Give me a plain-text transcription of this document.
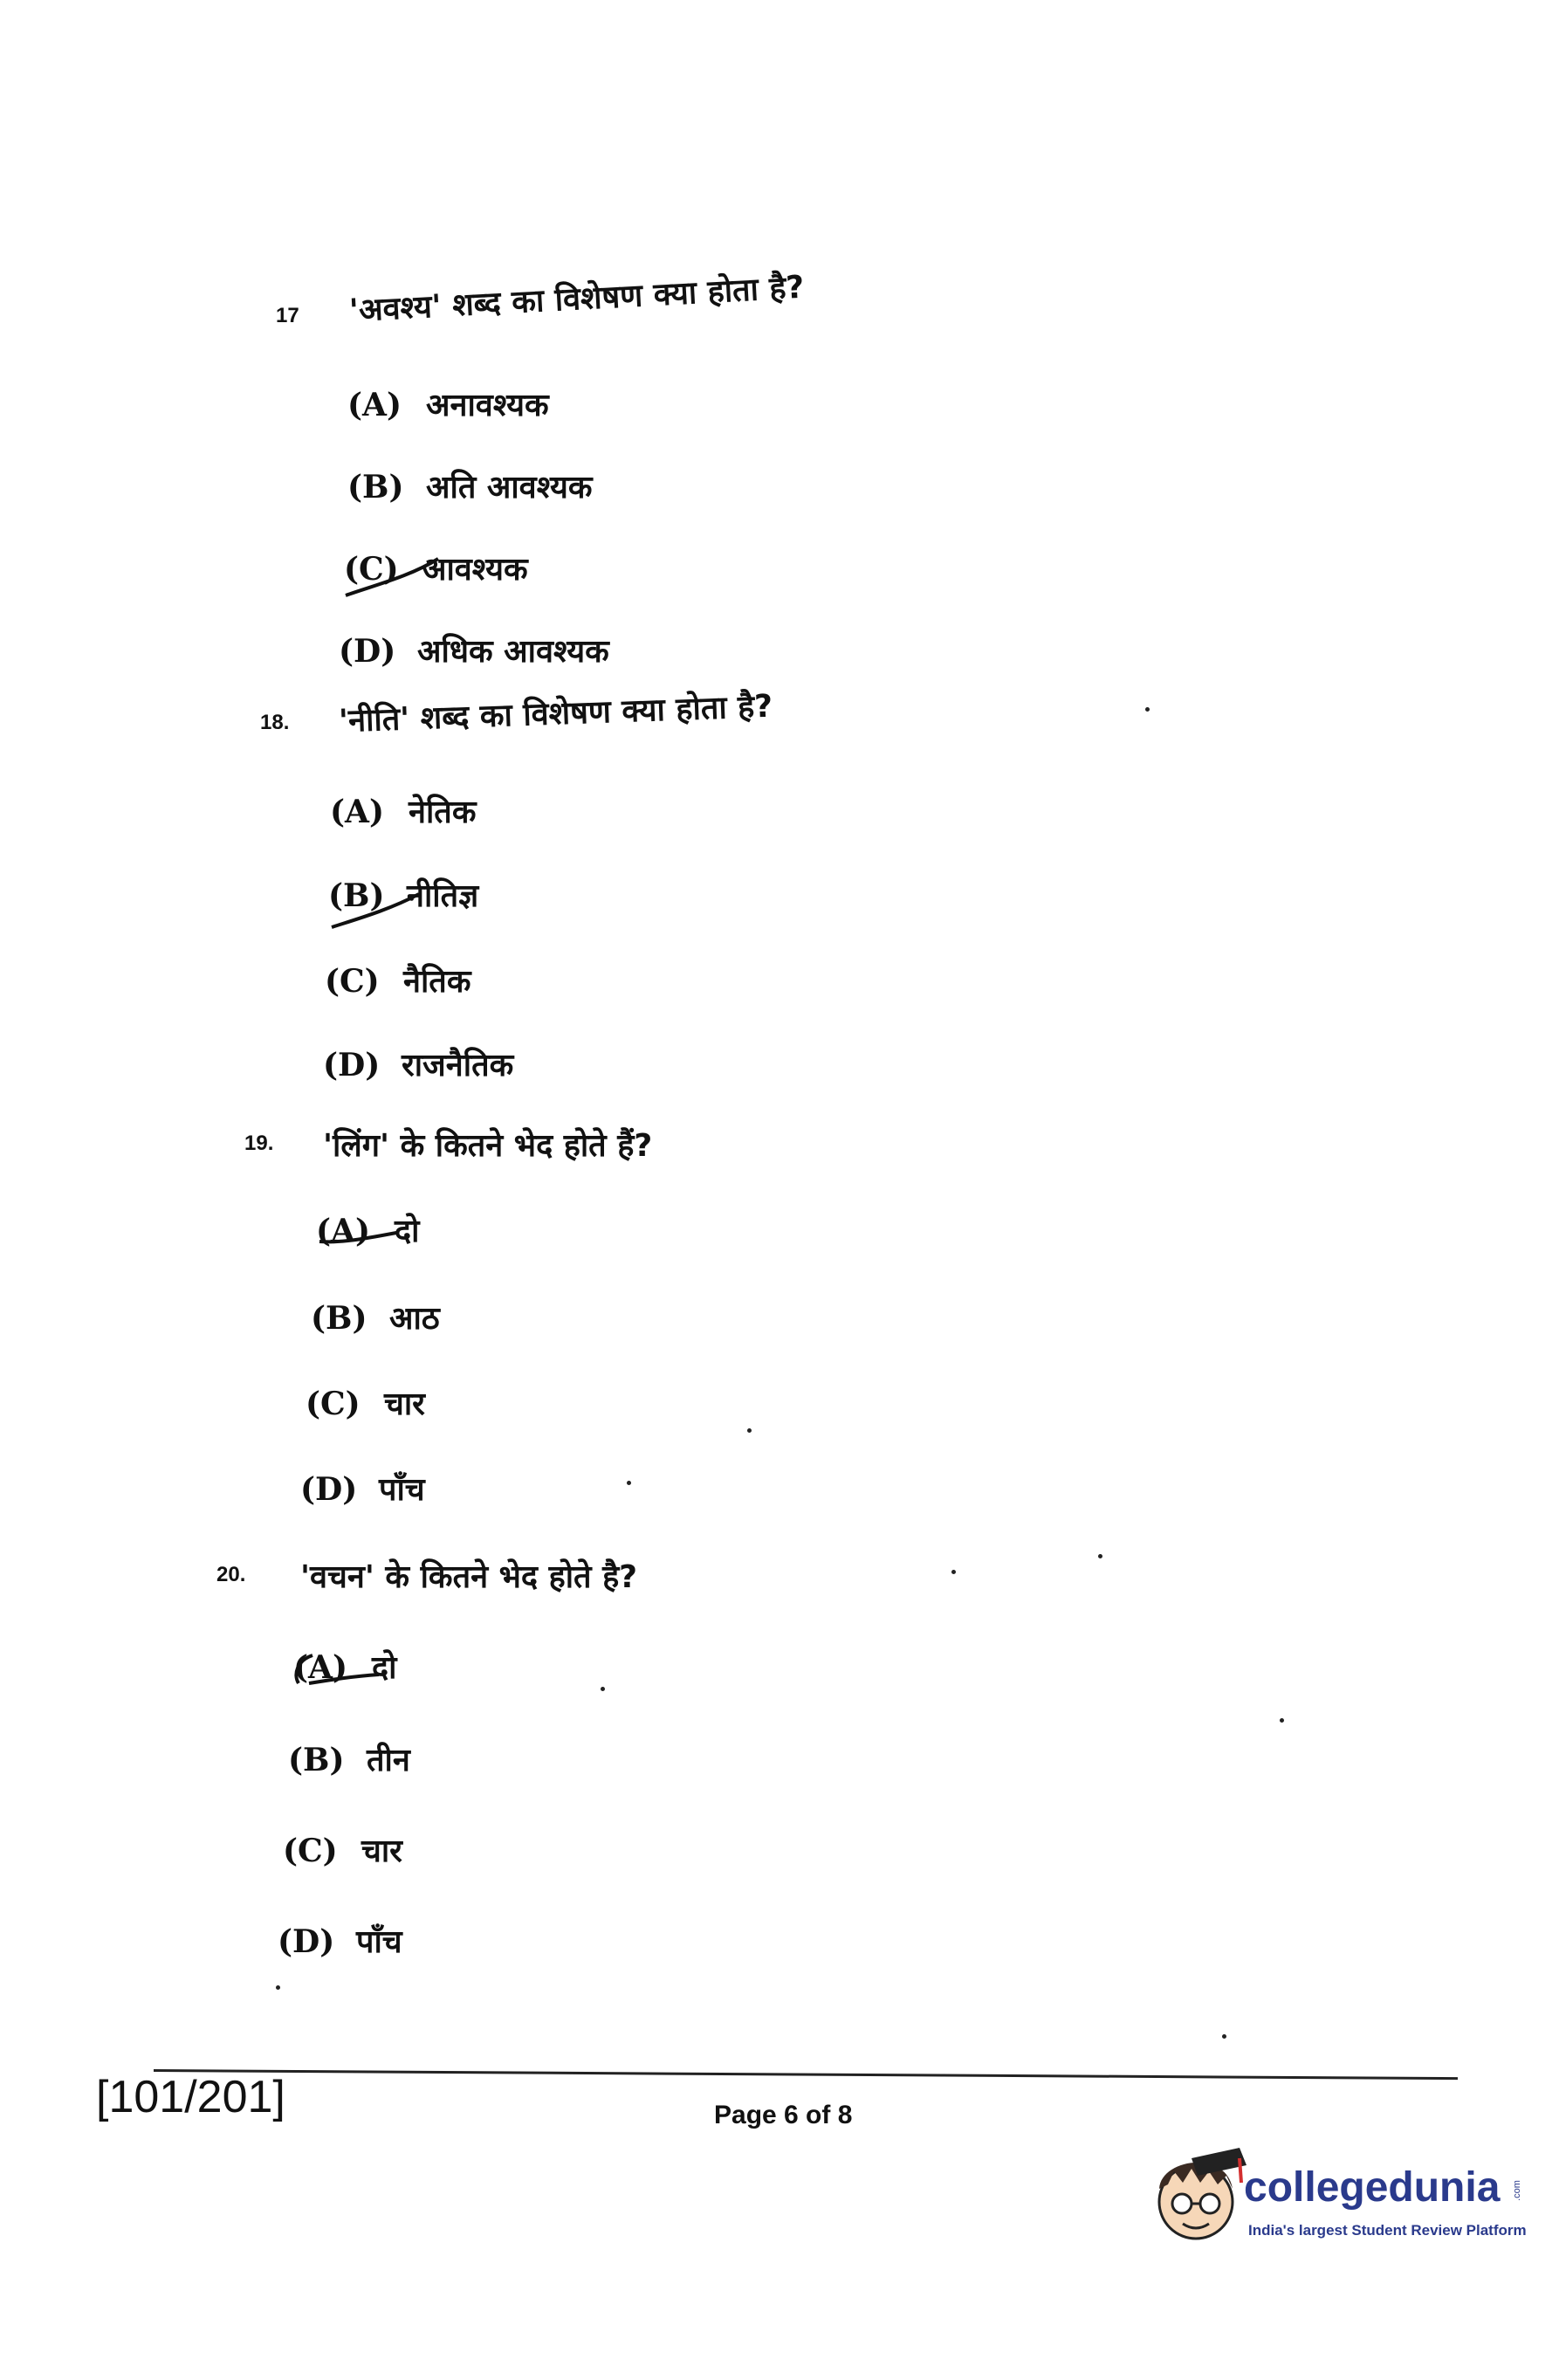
17 'अवश्य' शब्द का विशेषण क्या होता है?
(A) अनावश्यक
(B) अति आवश्यक
(C) आवश्यक
(D) अधिक आवश्यक
18. 'नीति' शब्द का विशेषण क्या होता है?
(A) नेतिक
(B) नीतिज्ञ
(C) नैतिक
(D) राजनैतिक
19. 'लिंग' के कितने भेद होते हैं?
(A) दो
(B) आठ
(C) चार
(D) पाँच
20. 'वचन' के कितने भेद होते है?
(A) दो
(B) तीन
(C) चार
(D) पाँच
[101/201]	Page 6 of 8
collegedunia .com
India's largest Student Review Platform
